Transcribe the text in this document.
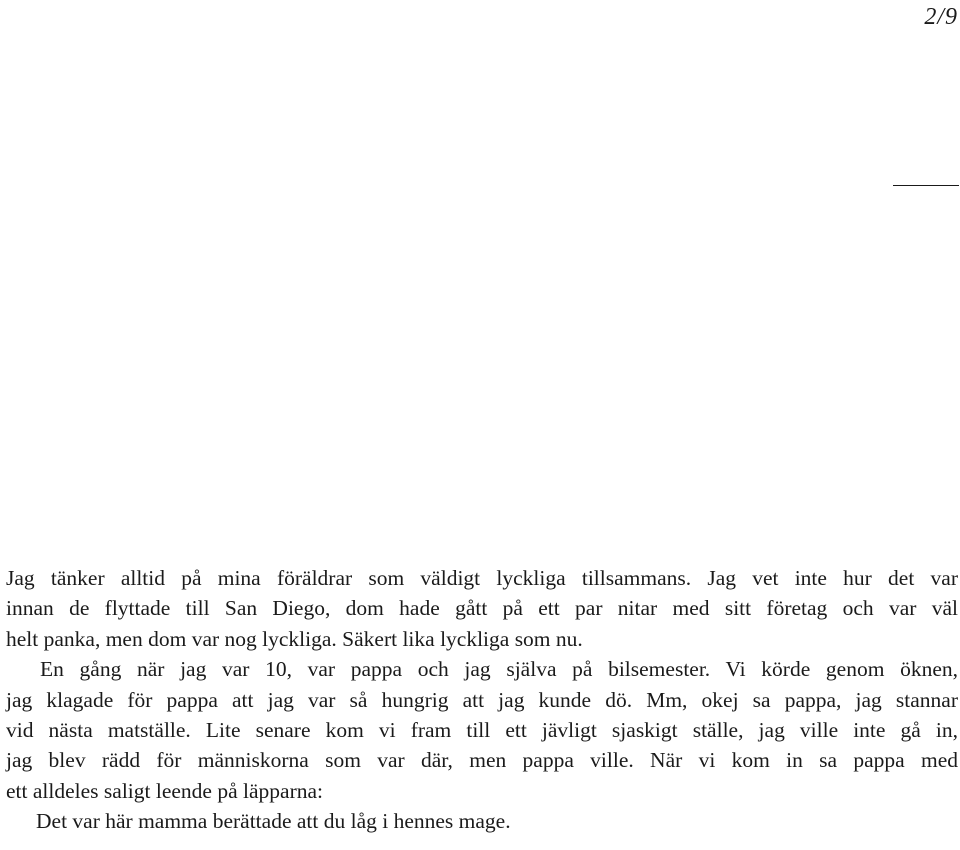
2/9
Jag tänker alltid på mina föräldrar som väldigt lyckliga tillsammans. Jag vet inte hur det var
innan de flyttade till San Diego, dom hade gått på ett par nitar med sitt företag och var väl
helt panka, men dom var nog lyckliga. Säkert lika lyckliga som nu.
En gång när jag var 10, var pappa och jag själva på bilsemester. Vi körde genom öknen,
jag klagade för pappa att jag var så hungrig att jag kunde dö. Mm, okej sa pappa, jag stannar
vid nästa matställe. Lite senare kom vi fram till ett jävligt sjaskigt ställe, jag ville inte gå in,
jag blev rädd för människorna som var där, men pappa ville. När vi kom in sa pappa med
ett alldeles saligt leende på läpparna:
Det var här mamma berättade att du låg i hennes mage.
